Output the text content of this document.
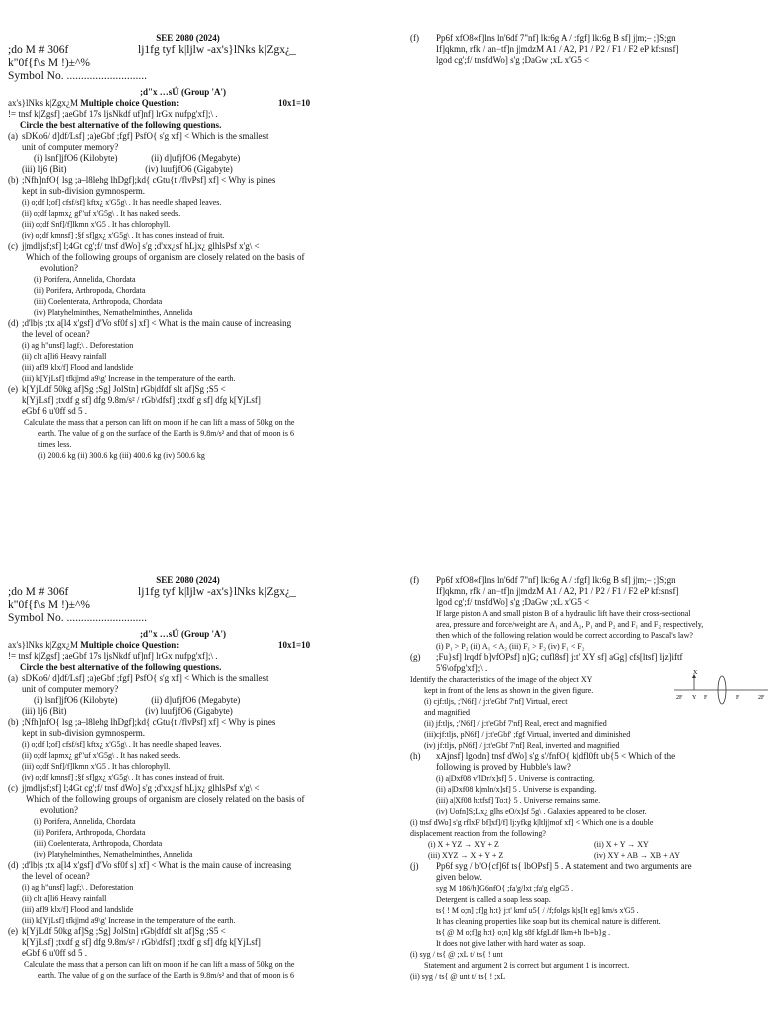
SEE 2080 (2024)
;do M # 306f	lj1fg tyf k|ljlw -ax's}lNks k|Zgx¿_
k"0f{f\s M !)±^%
Symbol No. ............................
;d"x …sÚ (Group 'A')
ax's}lNks k|Zgx¿M Multiple choice Question:	10x1=10
!= tnsf k|Zgsf] ;aeGbf 17s ljsNkdf uf]nf] lrGx nufpg'xf];\ .
Circle the best alternative of the following questions.
(a) sDKo6/ d]df/Lsf] ;a)eGbf ;fgf] PsfO{ s'g xf] < Which is the smallest
unit of computer memory?
(i) lsnf]jfO6 (Kilobyte)	(ii) d]ufjfO6 (Megabyte)
(iii) lj6 (Bit)	(iv) luufjfO6 (Gigabyte)
(b) ;Nfh]nfO{ lsg ;a–l8lehg lhDgf];kd{ cGtu{t /flvPsf] xf] < Why is pines
kept in sub-division gymnosperm.
(i) o;df l;of] cfsf/sf] kftx¿ x'G5g\ . It has needle shaped leaves.
(ii) o;df lapmx¿ gf"uf x'G5g\ . It has naked seeds.
(iii) o;df Snf]/f]lkmn x'G5 . It has chlorophyll.
(iv) o;df kmnsf] ;§f sf]gx¿ x'G5g\ . It has cones instead of fruit.
(c) j|mdljsf;sf] l;4Gt cg';f/ tnsf dWo] s'g ;d'xx¿sf hLjx¿ glhlsPsf x'g\ <
Which of the following groups of organism are closely related on the basis of
evolution?
(i) Porifera, Annelida, Chordata
(ii) Porifera, Arthropoda, Chordata
(iii) Coelenterata, Arthropoda, Chordata
(iv) Platyhelminthes, Nemathelminthes, Annelida
(d) ;d'lb|s ;tx a[l4 x'gsf] d'Vo sf0f s] xf] < What is the main cause of increasing
the level of ocean?
(i) ag h"unsf] lagf;\ . Deforestation
(ii) clt a[li6 Heavy rainfall
(iii) afl9 klx/f] Flood and landslide
(iii) k[YjLsf] tfkj|md a9\g' Increase in the temperature of the earth.
(e) k[YjLdf 50kg af]Sg ;Sg] JolStn] rGb|dfdf slt af]Sg ;S5 <
k[YjLsf] ;txdf g sf] dfg 9.8m/s² / rGb\dfsf] ;txdf g sf] dfg k[YjLsf]
eGbf 6 u'0ff sd 5 .
Calculate the mass that a person can lift on moon if he can lift a mass of 50kg on the
earth. The value of g on the surface of the Earth is 9.8m/s² and that of moon is 6
times less.
(i) 200.6 kg (ii) 300.6 kg (iii) 400.6 kg (iv) 500.6 kg
(f)	Pp6f xfO8«f]lns ln'6df 7"nf] lk:6g A / :fgf] lk:6g B sf] j|m;– ;]S;gn
If]qkmn, rfk / an−tf]n j|mdzM A1 / A2, P1 / P2 / F1 / F2 eP kf:snsf]
lgod cg';f/ tnsfdWo] s'g ;DaGw ;xL x'G5 <
SEE 2080 (2024)
;do M # 306f	lj1fg tyf k|ljlw -ax's}lNks k|Zgx¿_
k"0f{f\s M !)±^%
Symbol No. ............................
;d"x …sÚ (Group 'A')
ax's}lNks k|Zgx¿M Multiple choice Question:	10x1=10
!= tnsf k|Zgsf] ;aeGbf 17s ljsNkdf uf]nf] lrGx nufpg'xf];\ .
Circle the best alternative of the following questions.
(a) sDKo6/ d]df/Lsf] ;a)eGbf ;fgf] PsfO{ s'g xf] < Which is the smallest
unit of computer memory?
(i) lsnf]jfO6 (Kilobyte)	(ii) d]ufjfO6 (Megabyte)
(iii) lj6 (Bit)	(iv) luufjfO6 (Gigabyte)
(b) ;Nfh]nfO{ lsg ;a–l8lehg lhDgf];kd{ cGtu{t /flvPsf] xf] < Why is pines
kept in sub-division gymnosperm.
(i) o;df l;of] cfsf/sf] kftx¿ x'G5g\ . It has needle shaped leaves.
(ii) o;df lapmx¿ gf"uf x'G5g\ . It has naked seeds.
(iii) o;df Snf]/f]lkmn x'G5 . It has chlorophyll.
(iv) o;df kmnsf] ;§f sf]gx¿ x'G5g\ . It has cones instead of fruit.
(c) j|mdljsf;sf] l;4Gt cg';f/ tnsf dWo] s'g ;d'xx¿sf hLjx¿ glhlsPsf x'g\ <
Which of the following groups of organism are closely related on the basis of
evolution?
(i) Porifera, Annelida, Chordata
(ii) Porifera, Arthropoda, Chordata
(iii) Coelenterata, Arthropoda, Chordata
(iv) Platyhelminthes, Nemathelminthes, Annelida
(d) ;d'lb|s ;tx a[l4 x'gsf] d'Vo sf0f s] xf] < What is the main cause of increasing
the level of ocean?
(i) ag h"unsf] lagf;\ . Deforestation
(ii) clt a[li6 Heavy rainfall
(iii) afl9 klx/f] Flood and landslide
(iii) k[YjLsf] tfkj|md a9\g' Increase in the temperature of the earth.
(e) k[YjLdf 50kg af]Sg ;Sg] JolStn] rGb|dfdf slt af]Sg ;S5 <
k[YjLsf] ;txdf g sf] dfg 9.8m/s² / rGb\dfsf] ;txdf g sf] dfg k[YjLsf]
eGbf 6 u'0ff sd 5 .
Calculate the mass that a person can lift on moon if he can lift a mass of 50kg on the
earth. The value of g on the surface of the Earth is 9.8m/s² and that of moon is 6
(f)	Pp6f xfO8«f]lns ln'6df 7"nf] lk:6g A / :fgf] lk:6g B sf] j|m;– ;]S;gn
If]qkmn, rfk / an−tf]n j|mdzM A1 / A2, P1 / P2 / F1 / F2 eP kf:snsf]
lgod cg';f/ tnsfdWo] s'g ;DaGw ;xL x'G5 <
If large piston A and small piston B of a hydraulic lift have their cross-sectional
area, pressure and force/weight are A₁ and A₂, P₁ and P₂ and F₁ and F₂ respectively,
then which of the following relation would be correct according to Pascal's law?
(i) P₁ > P₂ (ii) A₁ < A₂ (iii) F₁ > F₂ (iv) F₁ < F₂
(g)	;Fu}sf] lrqdf b]vfOPsf] n]G; cufl8sf] j:t' XY sf] aGg] cfs[ltsf] ljz]iftf
5'6\ofpg'xf];\ .
Identify the characteristics of the image of the object XY
kept in front of the lens as shown in the given figure.
(i) cjf:tljs, ;'N6f] / j:t'eGbf 7'nf] Virtual, erect
and magnified
(ii) jf:tljs, ;'N6f] / j:t'eGbf 7'nf] Real, erect and magnified
(iii)cjf:tljs, pN6f] / j:t'eGbf' ;fgf Virtual, inverted and diminished
(iv) jf:tljs, pN6f] / j:t'eGbf 7'nf] Real, inverted and magnified
X
2F Y F	F	2F
(h)	xAjnsf] lgodn] tnsf dWo] s'g s'/fnfO{ k|dfl0ft ub{5 < Which of the
following is proved by Hubble's law?
(i) a|Dxf08 v'lDr/x]sf] 5 . Universe is contracting.
(ii) a|Dxf08 k|mln/x]sf] 5 . Universe is expanding.
(iii) a|Xf08 h:tfsf] To:t} 5 . Universe remains same.
(iv) Uofn]S;Lx¿ glhs eO/x]sf 5g\ . Galaxies appeared to be closer.
(i) tnsf dWo] s'g rflxF bf]xf]/f] lj:yfkg k|ltlj|mof xf] < Which one is a double
displacement reaction from the following?
(i) X + YZ → XY + Z	(ii) X + Y → XY
(iii) XYZ → X + Y + Z	(iv) XY + AB → XB + AY
(j)	Pp6f syg / b'O{cf]6f ts{ lbOPsf] 5 . A statement and two arguments are
given below.
syg M 186/h]G6nfO{ ;fa'g/lxt ;fa'g elgG5 .
Detergent is called a soap less soap.
ts{ ! M o;n] ;f]g h:t} j:t' kmf u5{ / /f;folgs k|s[lt eg] km/s x'G5 .
It has cleaning properties like soap but its chemical nature is different.
ts{ @ M o;f]g h:t} o;n] klg s8f kfgLdf lkm+h lb+b}g .
It does not give lather with hard water as soap.
(i) syg / ts{ @ ;xL t/ ts{ ! unt
Statement and argument 2 is correct but argument 1 is incorrect.
(ii) syg / ts{ @ unt t/ ts{ ! ;xL
